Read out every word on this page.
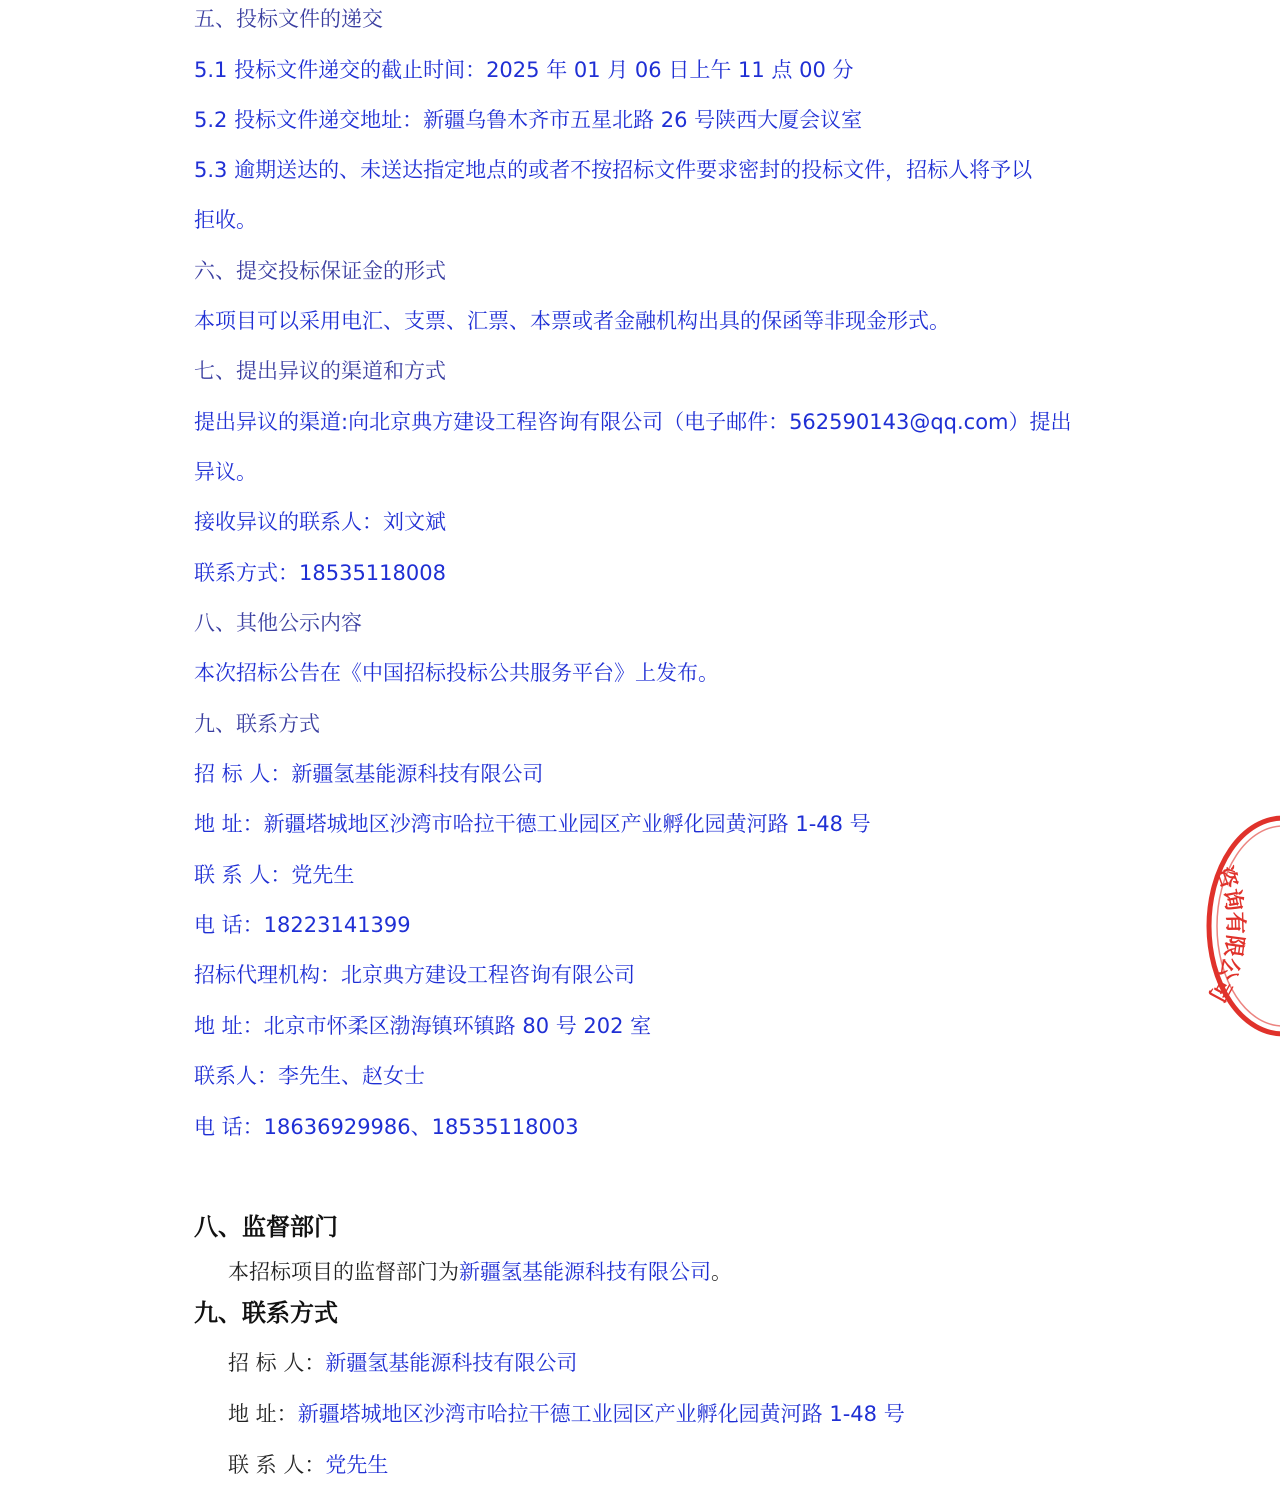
五、投标文件的递交
5.1 投标文件递交的截止时间：2025 年 01 月 06 日上午 11 点 00 分
5.2 投标文件递交地址：新疆乌鲁木齐市五星北路 26 号陕西大厦会议室
5.3 逾期送达的、未送达指定地点的或者不按招标文件要求密封的投标文件，招标人将予以
拒收。
六、提交投标保证金的形式
本项目可以采用电汇、支票、汇票、本票或者金融机构出具的保函等非现金形式。
七、提出异议的渠道和方式
提出异议的渠道:向北京典方建设工程咨询有限公司（电子邮件：562590143@qq.com）提出
异议。
接收异议的联系人：刘文斌
联系方式：18535118008
八、其他公示内容
本次招标公告在《中国招标投标公共服务平台》上发布。
九、联系方式
招 标 人：新疆氢基能源科技有限公司
地 址：新疆塔城地区沙湾市哈拉干德工业园区产业孵化园黄河路 1-48 号
联 系 人：党先生
电 话：18223141399
招标代理机构：北京典方建设工程咨询有限公司
地 址：北京市怀柔区渤海镇环镇路 80 号 202 室
联系人：李先生、赵女士
电 话：18636929986、18535118003
八、监督部门
本招标项目的监督部门为新疆氢基能源科技有限公司。
九、联系方式
招 标 人：新疆氢基能源科技有限公司
地 址：新疆塔城地区沙湾市哈拉干德工业园区产业孵化园黄河路 1-48 号
联 系 人：党先生
咨询有限公司
